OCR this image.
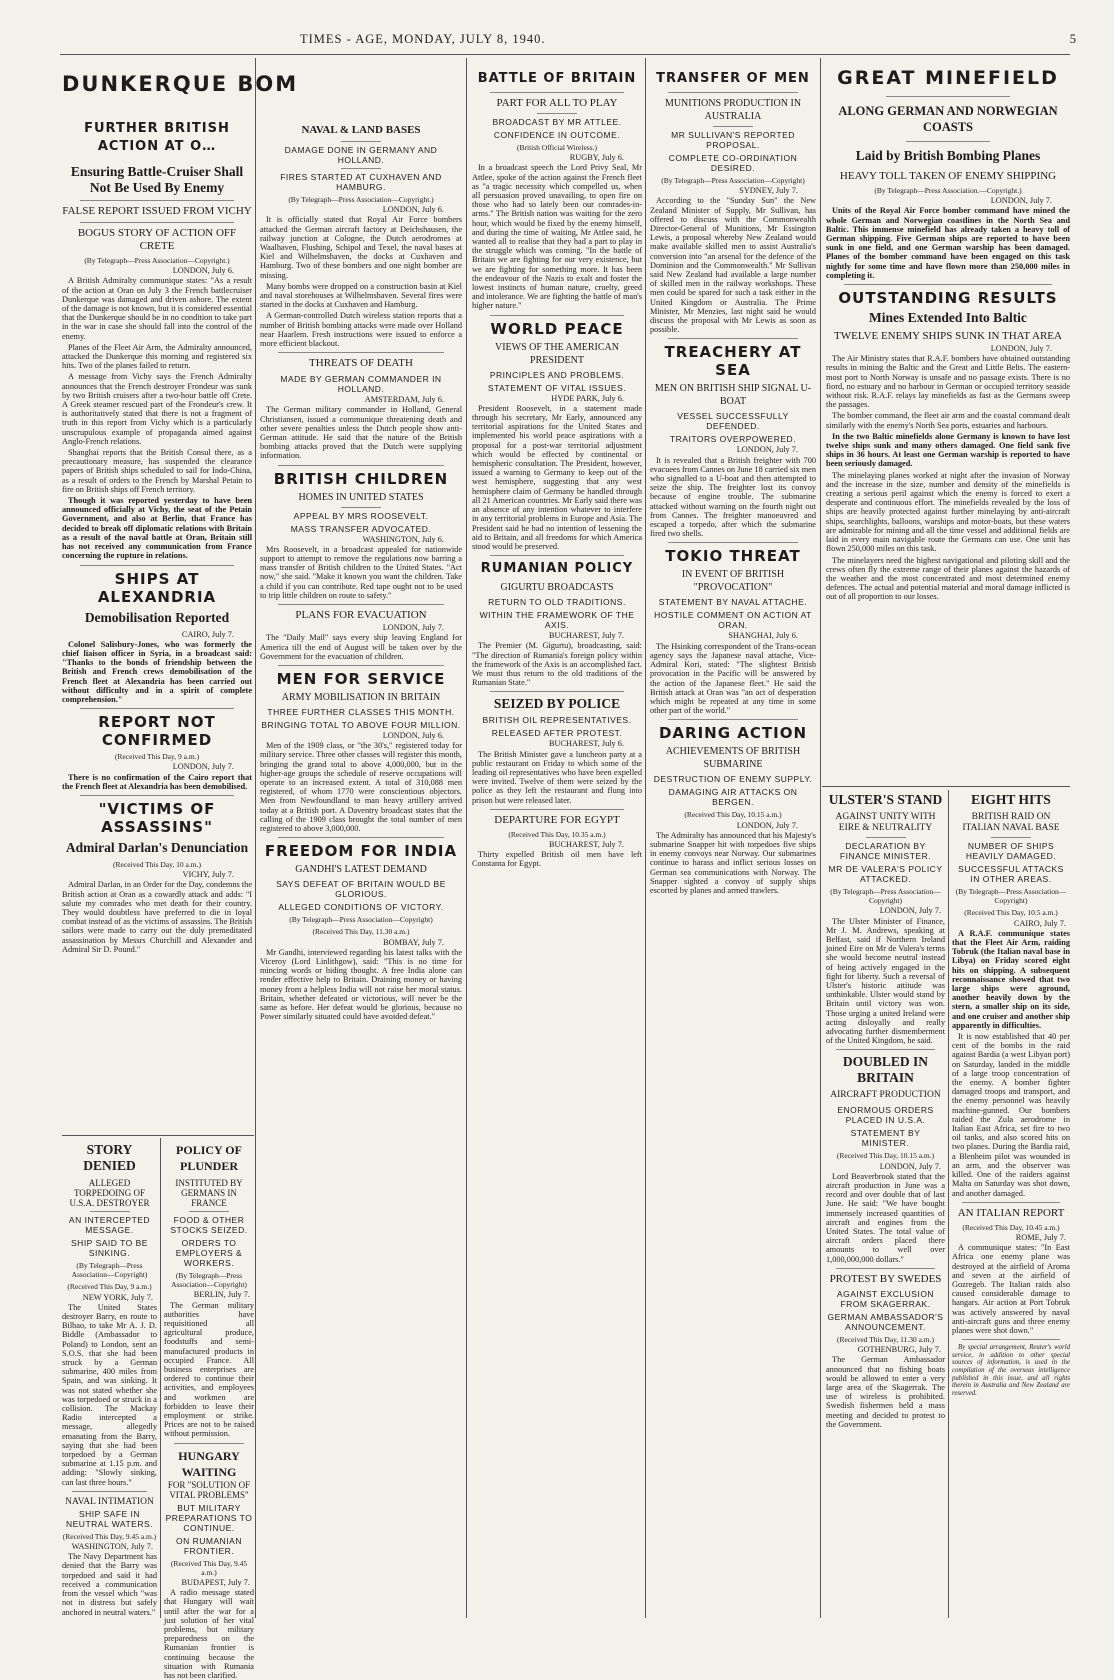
TIMES - AGE, MONDAY, JULY 8, 1940.	5
DUNKERQUE BOM
FURTHER BRITISH ACTION AT O…
Ensuring Battle-Cruiser Shall Not Be Used By Enemy
FALSE REPORT ISSUED FROM VICHY
BOGUS STORY OF ACTION OFF CRETE
(By Telegraph—Press Association—Copyright.)
LONDON, July 6.

A British Admiralty communique states: "As a result of the action at Oran on July 3 the French battlecruiser Dunkerque was damaged and driven ashore. The extent of the damage is not known, but it is considered essential that the Dunkerque should be in no condition to take part in the war in case she should fall into the control of the enemy.

Planes of the Fleet Air Arm, the Admiralty announced, attacked the Dunkerque this morning and registered six hits. Two of the planes failed to return.

A message from Vichy says the French Admiralty announces that the French destroyer Frondeur was sunk by two British cruisers after a two-hour battle off Crete. A Greek steamer rescued part of the Frondeur's crew. It is authoritatively stated that there is not a fragment of truth in this report from Vichy which is a particularly unscrupulous example of propaganda aimed against Anglo-French relations.

Shanghai reports that the British Consul there, as a precautionary measure, has suspended the clearance papers of British ships scheduled to sail for Indo-China, as a result of orders to the French by Marshal Petain to fire on British ships off French territory.

Though it was reported yesterday to have been announced officially at Vichy, the seat of the Petain Government, and also at Berlin, that France has decided to break off diplomatic relations with Britain as a result of the naval battle at Oran, Britain still has not received any communication from France concerning the rupture in relations.

SHIPS AT ALEXANDRIA
Demobilisation Reported
CAIRO, July 7.

Colonel Salisbury-Jones, who was formerly the chief liaison officer in Syria, in a broadcast said: "Thanks to the bonds of friendship between the British and French crews demobilisation of the French fleet at Alexandria has been carried out without difficulty and in a spirit of complete comprehension."

REPORT NOT CONFIRMED
(Received This Day, 9 a.m.)
LONDON, July 7.

There is no confirmation of the Cairo report that the French fleet at Alexandria has been demobilised.

"VICTIMS OF ASSASSINS"
Admiral Darlan's Denunciation
(Received This Day, 10 a.m.)
VICHY, July 7.

Admiral Darlan, in an Order for the Day, condemns the British action at Oran as a cowardly attack and adds: "I salute my comrades who met death for their country. They would doubtless have preferred to die in loyal combat instead of as the victims of assassins. The British sailors were made to carry out the duly premeditated assassination by Messrs Churchill and Alexander and Admiral Sir D. Pound."

STORY DENIED
ALLEGED TORPEDOING OF U.S.A. DESTROYER
AN INTERCEPTED MESSAGE.
SHIP SAID TO BE SINKING.
(By Telegraph—Press Association—Copyright)
(Received This Day, 9 a.m.)
NEW YORK, July 7.

The United States destroyer Barry, en route to Bilbao, to take Mr A. J. D. Biddle (Ambassador to Poland) to London, sent an S.O.S. that she had been struck by a German submarine, 400 miles from Spain, and was sinking. It was not stated whether she was torpedoed or struck in a collision. The Mackay Radio intercepted a message, allegedly emanating from the Barry, saying that she had been torpedoed by a German submarine at 1.15 p.m. and adding: "Slowly sinking, can last three hours."

NAVAL INTIMATION
SHIP SAFE IN NEUTRAL WATERS.
(Received This Day, 9.45 a.m.)
WASHINGTON, July 7.

The Navy Department has denied that the Barry was torpedoed and said it had received a communication from the vessel which "was not in distress but safely anchored in neutral waters."

POLICY OF PLUNDER
INSTITUTED BY GERMANS IN FRANCE
FOOD & OTHER STOCKS SEIZED.
ORDERS TO EMPLOYERS & WORKERS.
(By Telegraph—Press Association—Copyright)
BERLIN, July 7.

The German military authorities have requisitioned all agricultural produce, foodstuffs and semi-manufactured products in occupied France. All business enterprises are ordered to continue their activities, and employees and workmen are forbidden to leave their employment or strike. Prices are not to be raised without permission.

HUNGARY WAITING
FOR "SOLUTION OF VITAL PROBLEMS"
BUT MILITARY PREPARATIONS TO CONTINUE.
ON RUMANIAN FRONTIER.
(Received This Day, 9.45 a.m.)
BUDAPEST, July 7.

A radio message stated that Hungary will wait until after the war for a just solution of her vital problems, but military preparedness on the Rumanian frontier is continuing because the situation with Rumania has not been clarified.

NAVAL & LAND BASES
DAMAGE DONE IN GERMANY AND HOLLAND.
FIRES STARTED AT CUXHAVEN AND HAMBURG.
(By Telegraph—Press Association—Copyright.)
LONDON, July 6.

It is officially stated that Royal Air Force bombers attacked the German aircraft factory at Deichshausen, the railway junction at Cologne, the Dutch aerodromes at Waalhaven, Flushing, Schipol and Texel, the naval bases at Kiel and Wilhelmshaven, the docks at Cuxhaven and Hamburg. Two of these bombers and one night bomber are missing.

Many bombs were dropped on a construction basin at Kiel and naval storehouses at Wilhelmshaven. Several fires were started in the docks at Cuxhaven and Hamburg.

A German-controlled Dutch wireless station reports that a number of British bombing attacks were made over Holland near Haarlem. Fresh instructions were issued to enforce a more efficient blackout.

THREATS OF DEATH
MADE BY GERMAN COMMANDER IN HOLLAND.
AMSTERDAM, July 6.

The German military commander in Holland, General Christiansen, issued a communique threatening death and other severe penalties unless the Dutch people show anti-German attitude. He said that the nature of the British bombing attacks proved that the Dutch were supplying information.

BRITISH CHILDREN
HOMES IN UNITED STATES
APPEAL BY MRS ROOSEVELT.
MASS TRANSFER ADVOCATED.
WASHINGTON, July 6.

Mrs Roosevelt, in a broadcast appealed for nationwide support to attempt to remove the regulations now barring a mass transfer of British children to the United States. "Act now," she said. "Make it known you want the children. Take a child if you can contribute. Red tape ought not to be used to trip little children on route to safety."

PLANS FOR EVACUATION
LONDON, July 7.

The "Daily Mail" says every ship leaving England for America till the end of August will be taken over by the Government for the evacuation of children.

MEN FOR SERVICE
ARMY MOBILISATION IN BRITAIN
THREE FURTHER CLASSES THIS MONTH.
BRINGING TOTAL TO ABOVE FOUR MILLION.
LONDON, July 6.

Men of the 1909 class, or "the 30's," registered today for military service. Three other classes will register this month, bringing the grand total to above 4,000,000, but in the higher-age groups the schedule of reserve occupations will operate to an increased extent. A total of 310,088 men registered, of whom 1770 were conscientious objectors. Men from Newfoundland to man heavy artillery arrived today at a British port. A Daventry broadcast states that the calling of the 1909 class brought the total number of men registered to above 3,000,000.

FREEDOM FOR INDIA
GANDHI'S LATEST DEMAND
SAYS DEFEAT OF BRITAIN WOULD BE GLORIOUS.
ALLEGED CONDITIONS OF VICTORY.
(By Telegraph—Press Association—Copyright)
(Received This Day, 11.30 a.m.)
BOMBAY, July 7.

Mr Gandhi, interviewed regarding his latest talks with the Viceroy (Lord Linlithgow), said: "This is no time for mincing words or hiding thought. A free India alone can render effective help to Britain. Draining money or having money from a helpless India will not raise her moral status. Britain, whether defeated or victorious, will never be the same as before. Her defeat would be glorious, because no Power similarly situated could have avoided defeat."

BATTLE OF BRITAIN
PART FOR ALL TO PLAY
BROADCAST BY MR ATTLEE.
CONFIDENCE IN OUTCOME.
(British Official Wireless.)
RUGBY, July 6.

In a broadcast speech the Lord Privy Seal, Mr Attlee, spoke of the action against the French fleet as "a tragic necessity which compelled us, when all persuasion proved unavailing, to open fire on those who had so lately been our comrades-in-arms." The British nation was waiting for the zero hour, which would be fixed by the enemy himself, and during the time of waiting, Mr Attlee said, he wanted all to realise that they had a part to play in the struggle which was coming. "In the battle of Britain we are fighting for our very existence, but we are fighting for something more. It has been the endeavour of the Nazis to exalt and foster the lowest instincts of human nature, cruelty, greed and intolerance. We are fighting the battle of man's higher nature."

WORLD PEACE
VIEWS OF THE AMERICAN PRESIDENT
PRINCIPLES AND PROBLEMS.
STATEMENT OF VITAL ISSUES.
HYDE PARK, July 6.

President Roosevelt, in a statement made through his secretary, Mr Early, announced any territorial aspirations for the United States and implemented his world peace aspirations with a proposal for a post-war territorial adjustment which would be effected by continental or hemispheric consultation. The President, however, issued a warning to Germany to keep out of the west hemisphere, suggesting that any west hemisphere claim of Germany be handled through all 21 American countries. Mr Early said there was an absence of any intention whatever to interfere in any territorial problems in Europe and Asia. The President said he had no intention of lessening the aid to Britain, and all freedoms for which America stood would be preserved.

RUMANIAN POLICY
GIGURTU BROADCASTS
RETURN TO OLD TRADITIONS.
WITHIN THE FRAMEWORK OF THE AXIS.
BUCHAREST, July 7.

The Premier (M. Gigurtu), broadcasting, said: "The direction of Rumania's foreign policy within the framework of the Axis is an accomplished fact. We must thus return to the old traditions of the Rumanian State."

SEIZED BY POLICE
BRITISH OIL REPRESENTATIVES.
RELEASED AFTER PROTEST.
BUCHAREST, July 6.

The British Minister gave a luncheon party at a public restaurant on Friday to which some of the leading oil representatives who have been expelled were invited. Twelve of them were seized by the police as they left the restaurant and flung into prison but were released later.

DEPARTURE FOR EGYPT
(Received This Day, 10.35 a.m.)
BUCHAREST, July 7.

Thirty expelled British oil men have left Constanta for Egypt.

TRANSFER OF MEN
MUNITIONS PRODUCTION IN AUSTRALIA
MR SULLIVAN'S REPORTED PROPOSAL.
COMPLETE CO-ORDINATION DESIRED.
(By Telegraph—Press Association—Copyright)
SYDNEY, July 7.

According to the "Sunday Sun" the New Zealand Minister of Supply, Mr Sullivan, has offered to discuss with the Commonwealth Director-General of Munitions, Mr Essington Lewis, a proposal whereby New Zealand would make available skilled men to assist Australia's conversion into "an arsenal for the defence of the Dominion and the Commonwealth." Mr Sullivan said New Zealand had available a large number of skilled men in the railway workshops. These men could be spared for such a task either in the United Kingdom or Australia. The Prime Minister, Mr Menzies, last night said he would discuss the proposal with Mr Lewis as soon as possible.

TREACHERY AT SEA
MEN ON BRITISH SHIP SIGNAL U-BOAT
VESSEL SUCCESSFULLY DEFENDED.
TRAITORS OVERPOWERED.
LONDON, July 7.

It is revealed that a British freighter with 700 evacuees from Cannes on June 18 carried six men who signalled to a U-boat and then attempted to seize the ship. The freighter lost its convoy because of engine trouble. The submarine attacked without warning on the fourth night out from Cannes. The freighter manoeuvred and escaped a torpedo, after which the submarine fired two shells.

TOKIO THREAT
IN EVENT OF BRITISH "PROVOCATION"
STATEMENT BY NAVAL ATTACHE.
HOSTILE COMMENT ON ACTION AT ORAN.
SHANGHAI, July 6.

The Hsinking correspondent of the Trans-ocean agency says the Japanese naval attache, Vice-Admiral Kori, stated: "The slightest British provocation in the Pacific will be answered by the action of the Japanese fleet." He said the British attack at Oran was "an act of desperation which might be repeated at any time in some other part of the world."

DARING ACTION
ACHIEVEMENTS OF BRITISH SUBMARINE
DESTRUCTION OF ENEMY SUPPLY.
DAMAGING AIR ATTACKS ON BERGEN.
(Received This Day, 10.15 a.m.)
LONDON, July 7.

The Admiralty has announced that his Majesty's submarine Snapper hit with torpedoes five ships in enemy convoys near Norway. Our submarines continue to harass and inflict serious losses on German sea communications with Norway. The Snapper sighted a convoy of supply ships escorted by planes and armed trawlers.

GREAT MINEFIELD
ALONG GERMAN AND NORWEGIAN COASTS
Laid by British Bombing Planes
HEAVY TOLL TAKEN OF ENEMY SHIPPING
(By Telegraph—Press Association.—Copyright.)
LONDON, July 7.

Units of the Royal Air Force bomber command have mined the whole German and Norwegian coastlines in the North Sea and Baltic. This immense minefield has already taken a heavy toll of German shipping. Five German ships are reported to have been sunk in one field, and one German warship has been damaged. Planes of the bomber command have been engaged on this task nightly for some time and have flown more than 250,000 miles in completing it.

OUTSTANDING RESULTS
Mines Extended Into Baltic
TWELVE ENEMY SHIPS SUNK IN THAT AREA
LONDON, July 7.

The Air Ministry states that R.A.F. bombers have obtained outstanding results in mining the Baltic and the Great and Little Belts. The eastern-most port to North Norway is unsafe and no passage exists. There is no fiord, no estuary and no harbour in German or occupied territory seaside without risk. R.A.F. relays lay minefields as fast as the Germans sweep the passages.

The bomber command, the fleet air arm and the coastal command dealt similarly with the enemy's North Sea ports, estuaries and harbours.

In the two Baltic minefields alone Germany is known to have lost twelve ships sunk and many others damaged. One field sank five ships in 36 hours. At least one German warship is reported to have been seriously damaged.

The minelaying planes worked at night after the invasion of Norway and the increase in the size, number and density of the minefields is creating a serious peril against which the enemy is forced to exert a desperate and continuous effort. The minefields revealed by the loss of ships are heavily protected against further minelaying by anti-aircraft ships, searchlights, balloons, warships and motor-boats, but these waters are admirable for mining and all the time vessel and additional fields are laid in every main navigable route the Germans can use. One unit has flown 250,000 miles on this task.

The minelayers need the highest navigational and piloting skill and the crews often fly the extreme range of their planes against the hazards of the weather and the most concentrated and most determined enemy defences. The actual and potential material and moral damage inflicted is out of all proportion to our losses.

ULSTER'S STAND
AGAINST UNITY WITH EIRE & NEUTRALITY
DECLARATION BY FINANCE MINISTER.
MR DE VALERA'S POLICY ATTACKED.
(By Telegraph—Press Association—Copyright)
LONDON, July 7.

The Ulster Minister of Finance, Mr J. M. Andrews, speaking at Belfast, said if Northern Ireland joined Eire on Mr de Valera's terms she would become neutral instead of being actively engaged in the fight for liberty. Such a reversal of Ulster's historic attitude was unthinkable. Ulster would stand by Britain until victory was won. Those urging a united Ireland were acting disloyally and really advocating further dismemberment of the United Kingdom, he said.

DOUBLED IN BRITAIN
AIRCRAFT PRODUCTION
ENORMOUS ORDERS PLACED IN U.S.A.
STATEMENT BY MINISTER.
(Received This Day, 10.15 a.m.)
LONDON, July 7.

Lord Beaverbrook stated that the aircraft production in June was a record and over double that of last June. He said: "We have bought immensely increased quantities of aircraft and engines from the United States. The total value of aircraft orders placed there amounts to well over 1,000,000,000 dollars."

PROTEST BY SWEDES
AGAINST EXCLUSION FROM SKAGERRAK.
GERMAN AMBASSADOR'S ANNOUNCEMENT.
(Received This Day, 11.30 a.m.)
GOTHENBURG, July 7.

The German Ambassador announced that no fishing boats would be allowed to enter a very large area of the Skagerrak. The use of wireless is prohibited. Swedish fishermen held a mass meeting and decided to protest to the Government.

EIGHT HITS
BRITISH RAID ON ITALIAN NAVAL BASE
NUMBER OF SHIPS HEAVILY DAMAGED.
SUCCESSFUL ATTACKS IN OTHER AREAS.
(By Telegraph—Press Association—Copyright)
(Received This Day, 10.5 a.m.)
CAIRO, July 7.

A R.A.F. communique states that the Fleet Air Arm, raiding Tobruk (the Italian naval base in Libya) on Friday scored eight hits on shipping. A subsequent reconnaissance showed that two large ships were aground, another heavily down by the stern, a smaller ship on its side, and one cruiser and another ship apparently in difficulties.

It is now established that 40 per cent of the bombs in the raid against Bardia (a west Libyan port) on Saturday, landed in the middle of a large troop concentration of the enemy. A bomber fighter damaged troops and transport, and the enemy personnel was heavily machine-gunned. Our bombers raided the Zula aerodrome in Italian East Africa, set fire to two oil tanks, and also scored hits on two planes. During the Bardia raid, a Blenheim pilot was wounded in an arm, and the observer was killed. One of the raiders against Malta on Saturday was shot down, and another damaged.

AN ITALIAN REPORT
(Received This Day, 10.45 a.m.)
ROME, July 7.

A communique states: "In East Africa one enemy plane was destroyed at the airfield of Aroma and seven at the airfield of Gozregeb. The Italian raids also caused considerable damage to hangars. Air action at Port Tobruk was actively answered by naval anti-aircraft guns and three enemy planes were shot down."

By special arrangement, Reuter's world service, in addition to other special sources of information, is used in the compilation of the overseas intelligence published in this issue, and all rights therein in Australia and New Zealand are reserved.
